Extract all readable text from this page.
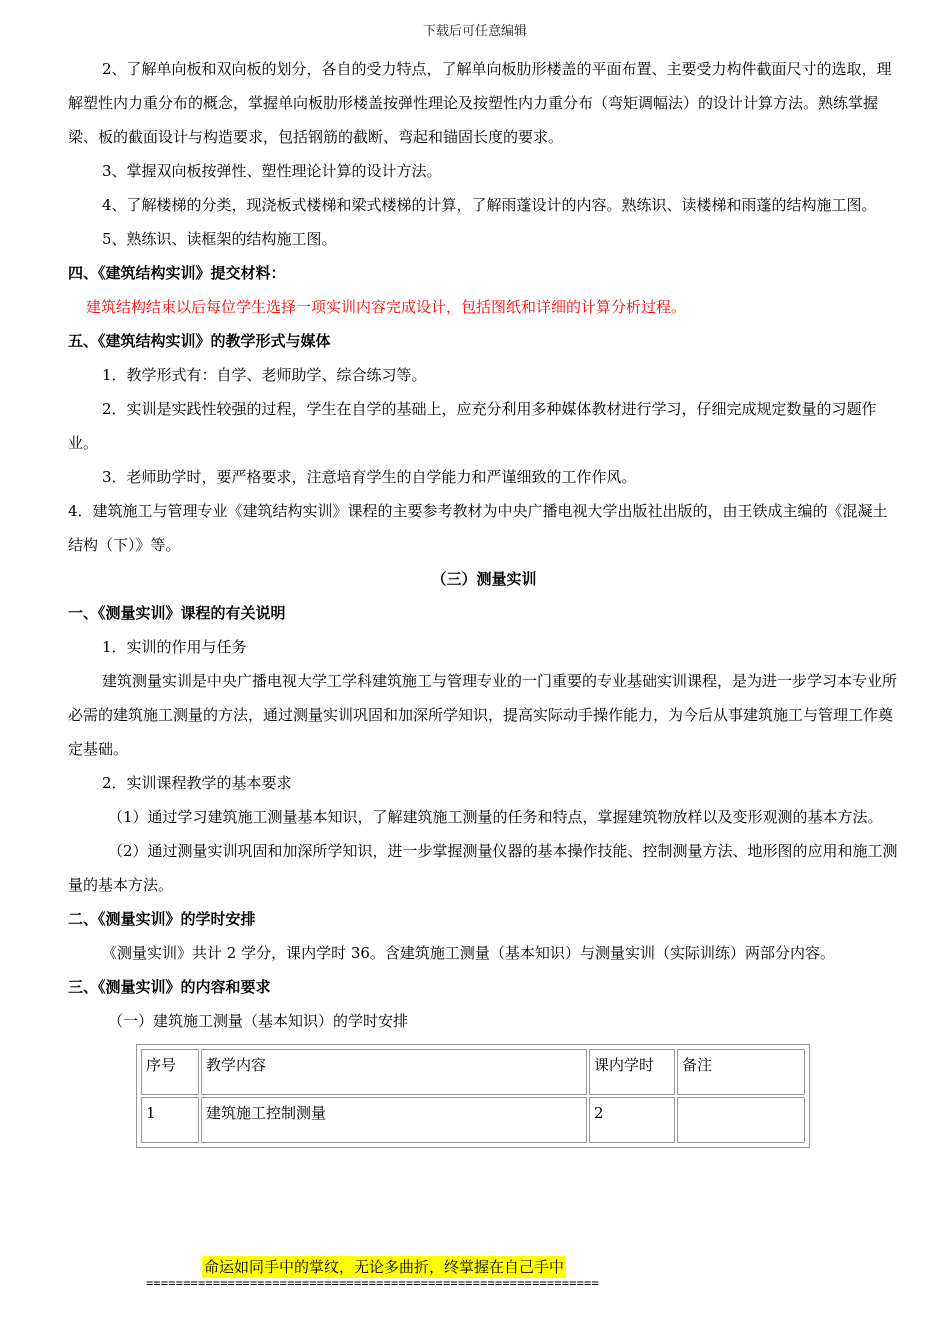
下载后可任意编辑

2、了解单向板和双向板的划分，各自的受力特点，了解单向板肋形楼盖的平面布置、主要受力构件截面尺寸的选取，理解塑性内力重分布的概念，掌握单向板肋形楼盖按弹性理论及按塑性内力重分布（弯矩调幅法）的设计计算方法。熟练掌握梁、板的截面设计与构造要求，包括钢筋的截断、弯起和锚固长度的要求。

3、掌握双向板按弹性、塑性理论计算的设计方法。

4、了解楼梯的分类，现浇板式楼梯和梁式楼梯的计算，了解雨蓬设计的内容。熟练识、读楼梯和雨蓬的结构施工图。

5、熟练识、读框架的结构施工图。

四、《建筑结构实训》提交材料：

建筑结构结束以后每位学生选择一项实训内容完成设计，包括图纸和详细的计算分析过程。

五、《建筑结构实训》的教学形式与媒体

1．教学形式有：自学、老师助学、综合练习等。

2．实训是实践性较强的过程，学生在自学的基础上，应充分利用多种媒体教材进行学习，仔细完成规定数量的习题作业。

3．老师助学时，要严格要求，注意培育学生的自学能力和严谨细致的工作作风。

4．建筑施工与管理专业《建筑结构实训》课程的主要参考教材为中央广播电视大学出版社出版的，由王铁成主编的《混凝土结构（下）》等。

（三）测量实训

一、《测量实训》课程的有关说明

1．实训的作用与任务

建筑测量实训是中央广播电视大学工学科建筑施工与管理专业的一门重要的专业基础实训课程，是为进一步学习本专业所必需的建筑施工测量的方法，通过测量实训巩固和加深所学知识，提高实际动手操作能力，为今后从事建筑施工与管理工作奠定基础。

2．实训课程教学的基本要求

（1）通过学习建筑施工测量基本知识，了解建筑施工测量的任务和特点，掌握建筑物放样以及变形观测的基本方法。

（2）通过测量实训巩固和加深所学知识，进一步掌握测量仪器的基本操作技能、控制测量方法、地形图的应用和施工测量的基本方法。

二、《测量实训》的学时安排

《测量实训》共计 2 学分，课内学时 36。含建筑施工测量（基本知识）与测量实训（实际训练）两部分内容。

三、《测量实训》的内容和要求

（一）建筑施工测量（基本知识）的学时安排

序号	教学内容	课内学时	备注
1	建筑施工控制测量	2	
命运如同手中的掌纹，无论多曲折，终掌握在自己手中
=============================================================
